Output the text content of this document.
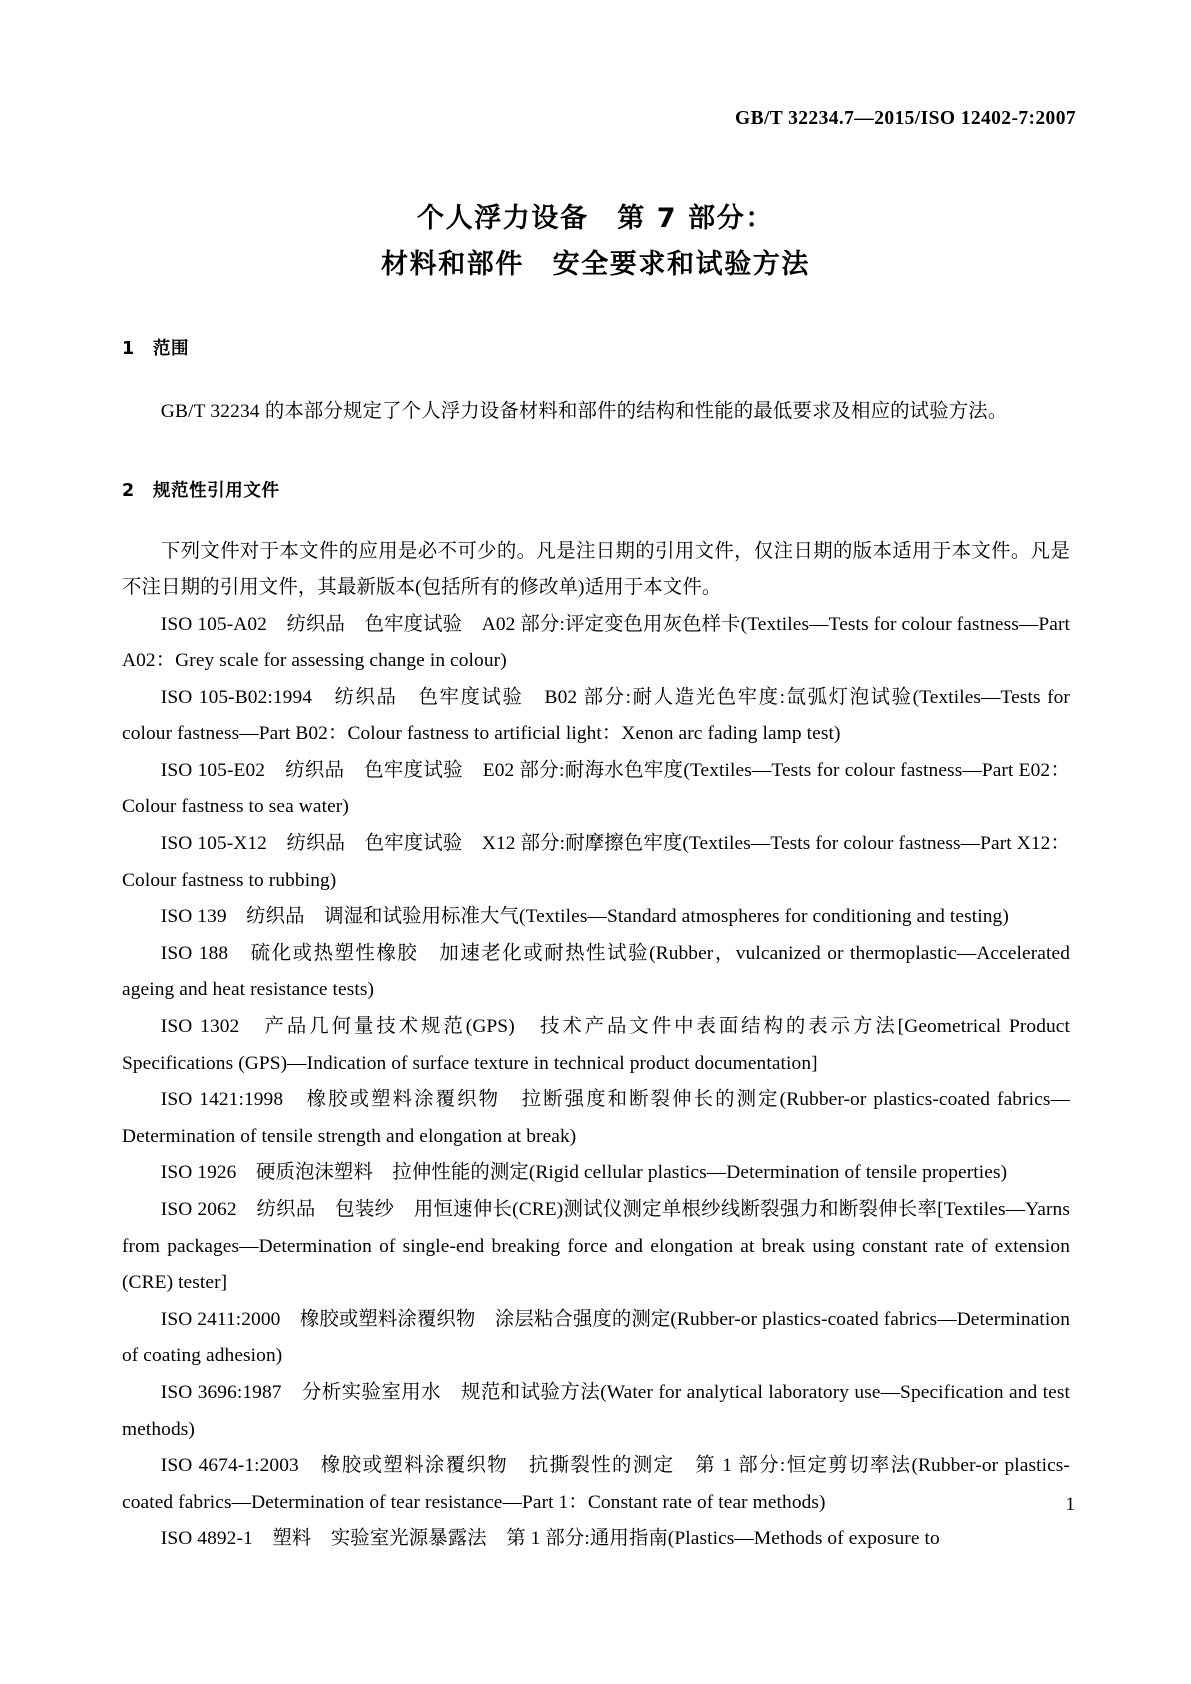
GB/T 32234.7—2015/ISO 12402-7:2007
个人浮力设备　第 7 部分：
材料和部件　安全要求和试验方法
1　范围

GB/T 32234 的本部分规定了个人浮力设备材料和部件的结构和性能的最低要求及相应的试验方法。

2　规范性引用文件

下列文件对于本文件的应用是必不可少的。凡是注日期的引用文件，仅注日期的版本适用于本文件。凡是不注日期的引用文件，其最新版本(包括所有的修改单)适用于本文件。

ISO 105-A02　纺织品　色牢度试验　A02 部分:评定变色用灰色样卡(Textiles—Tests for colour fastness—Part A02：Grey scale for assessing change in colour)

ISO 105-B02:1994　纺织品　色牢度试验　B02 部分:耐人造光色牢度:氙弧灯泡试验(Textiles—Tests for colour fastness—Part B02：Colour fastness to artificial light：Xenon arc fading lamp test)

ISO 105-E02　纺织品　色牢度试验　E02 部分:耐海水色牢度(Textiles—Tests for colour fastness—Part E02：Colour fastness to sea water)

ISO 105-X12　纺织品　色牢度试验　X12 部分:耐摩擦色牢度(Textiles—Tests for colour fastness—Part X12：Colour fastness to rubbing)

ISO 139　纺织品　调湿和试验用标准大气(Textiles—Standard atmospheres for conditioning and testing)

ISO 188　硫化或热塑性橡胶　加速老化或耐热性试验(Rubber，vulcanized or thermoplastic—Accelerated ageing and heat resistance tests)

ISO 1302　产品几何量技术规范(GPS)　技术产品文件中表面结构的表示方法[Geometrical Product Specifications (GPS)—Indication of surface texture in technical product documentation]

ISO 1421:1998　橡胶或塑料涂覆织物　拉断强度和断裂伸长的测定(Rubber-or plastics-coated fabrics—Determination of tensile strength and elongation at break)

ISO 1926　硬质泡沫塑料　拉伸性能的测定(Rigid cellular plastics—Determination of tensile properties)

ISO 2062　纺织品　包装纱　用恒速伸长(CRE)测试仪测定单根纱线断裂强力和断裂伸长率[Textiles—Yarns from packages—Determination of single-end breaking force and elongation at break using constant rate of extension (CRE) tester]

ISO 2411:2000　橡胶或塑料涂覆织物　涂层粘合强度的测定(Rubber-or plastics-coated fabrics—Determination of coating adhesion)

ISO 3696:1987　分析实验室用水　规范和试验方法(Water for analytical laboratory use—Specification and test methods)

ISO 4674-1:2003　橡胶或塑料涂覆织物　抗撕裂性的测定　第 1 部分:恒定剪切率法(Rubber-or plastics-coated fabrics—Determination of tear resistance—Part 1：Constant rate of tear methods)

ISO 4892-1　塑料　实验室光源暴露法　第 1 部分:通用指南(Plastics—Methods of exposure to

1
